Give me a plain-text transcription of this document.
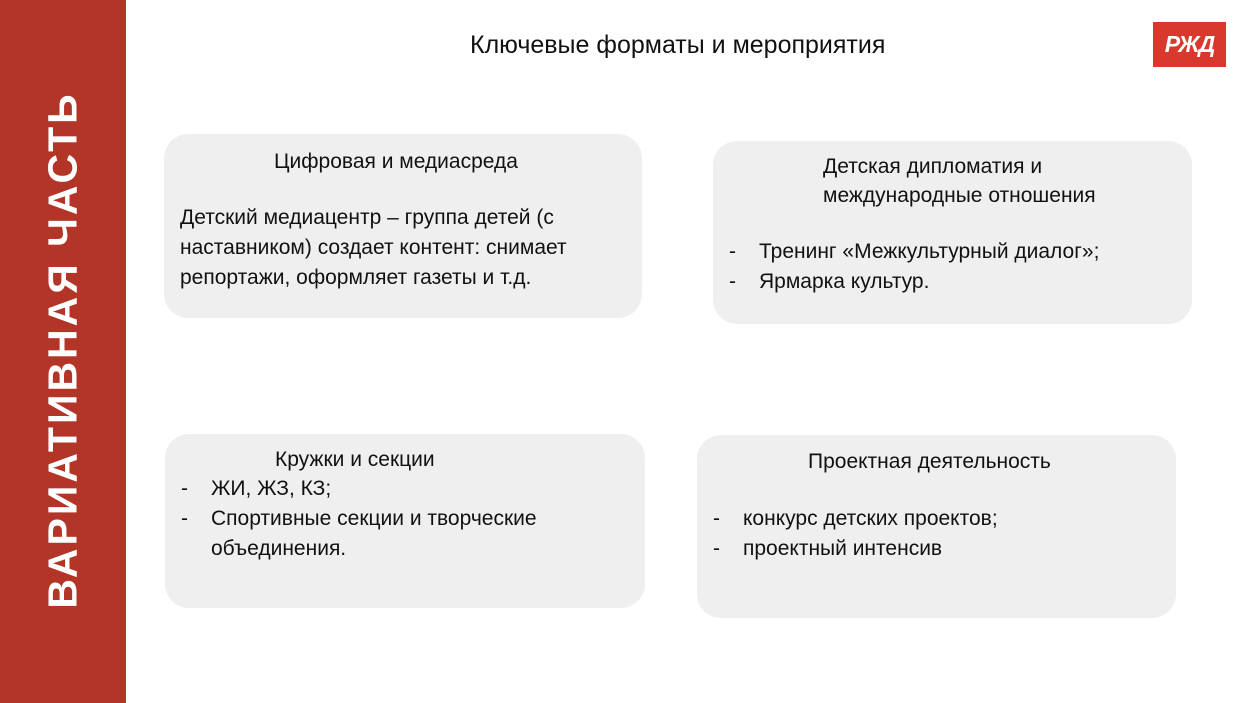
ВАРИАТИВНАЯ ЧАСТЬ
Ключевые форматы и мероприятия	РЖД
Цифровая и медиасреда
Детский медиацентр – группа детей (с наставником) создает контент: снимает репортажи, оформляет газеты и т.д.
Детская дипломатия и
международные отношения
- Тренинг «Межкультурный диалог»;
- Ярмарка культур.
Кружки и секции
- ЖИ, ЖЗ, КЗ;
- Спортивные секции и творческие объединения.
Проектная деятельность
- конкурс детских проектов;
- проектный интенсив
